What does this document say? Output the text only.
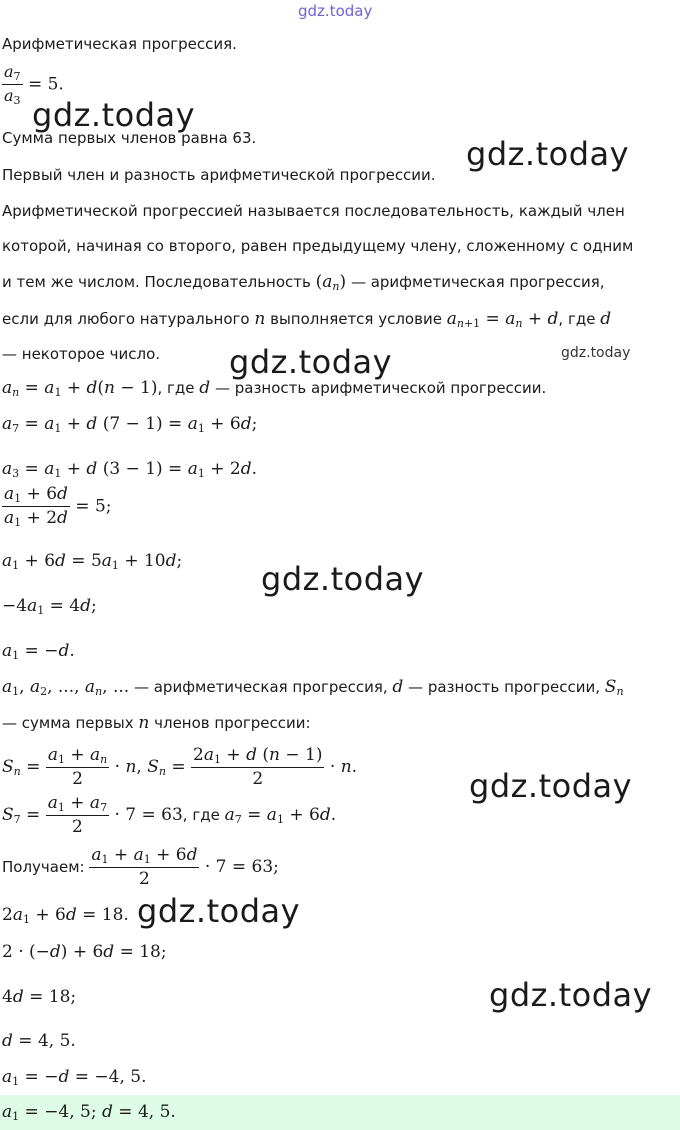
gdz.today
Арифметическая прогрессия.
$\frac{a_7}{a_3} = 5$.
Сумма первых членов равна 63.
Первый член и разность арифметической прогрессии.
Арифметической прогрессией называется последовательность, каждый член
которой, начиная со второго, равен предыдущему члену, сложенному с одним
и тем же числом. Последовательность $(a_n)$ — арифметическая прогрессия,
если для любого натурального n выполняется условие $a_{n+1} = a_n + d$, где d
— некоторое число.
$a_n = a_1 + d(n - 1)$, где d — разность арифметической прогрессии.
$a_7 = a_1 + d$ $(7 - 1) = a_1 + 6d$;
$a_3 = a_1 + d$ $(3 - 1) = a_1 + 2d$.
$\frac{a_1 + 6d}{a_1 + 2d} = 5$;
$a_1 + 6d = 5a_1 + 10d$;
$-4a_1 = 4d$;
$a_1 = -d$.
$a_1$, $a_2$, ..., $a_n$, ... — арифметическая прогрессия, d — разность прогрессии, $S_n$
— сумма первых n членов прогрессии:
$S_n = \frac{a_1 + a_n}{2} \cdot n$, $S_n = \frac{2a_1 + d (n - 1)}{2} \cdot n$.
$S_7 = \frac{a_1 + a_7}{2} \cdot 7 = 63$, где $a_7 = a_1 + 6d$.
Получаем: $\frac{a_1 + a_1 + 6d}{2} \cdot 7 = 63$;
$2a_1 + 6d = 18$.
2 · (−d) + 6d = 18;
4d = 18;
d = 4, 5.
$a_1 = -d = -4$, 5.
$a_1 = -4$, 5; d = 4, 5.
gdz.today
gdz.today
gdz.today	gdz.today
gdz.today
gdz.today
gdz.today
gdz.today
